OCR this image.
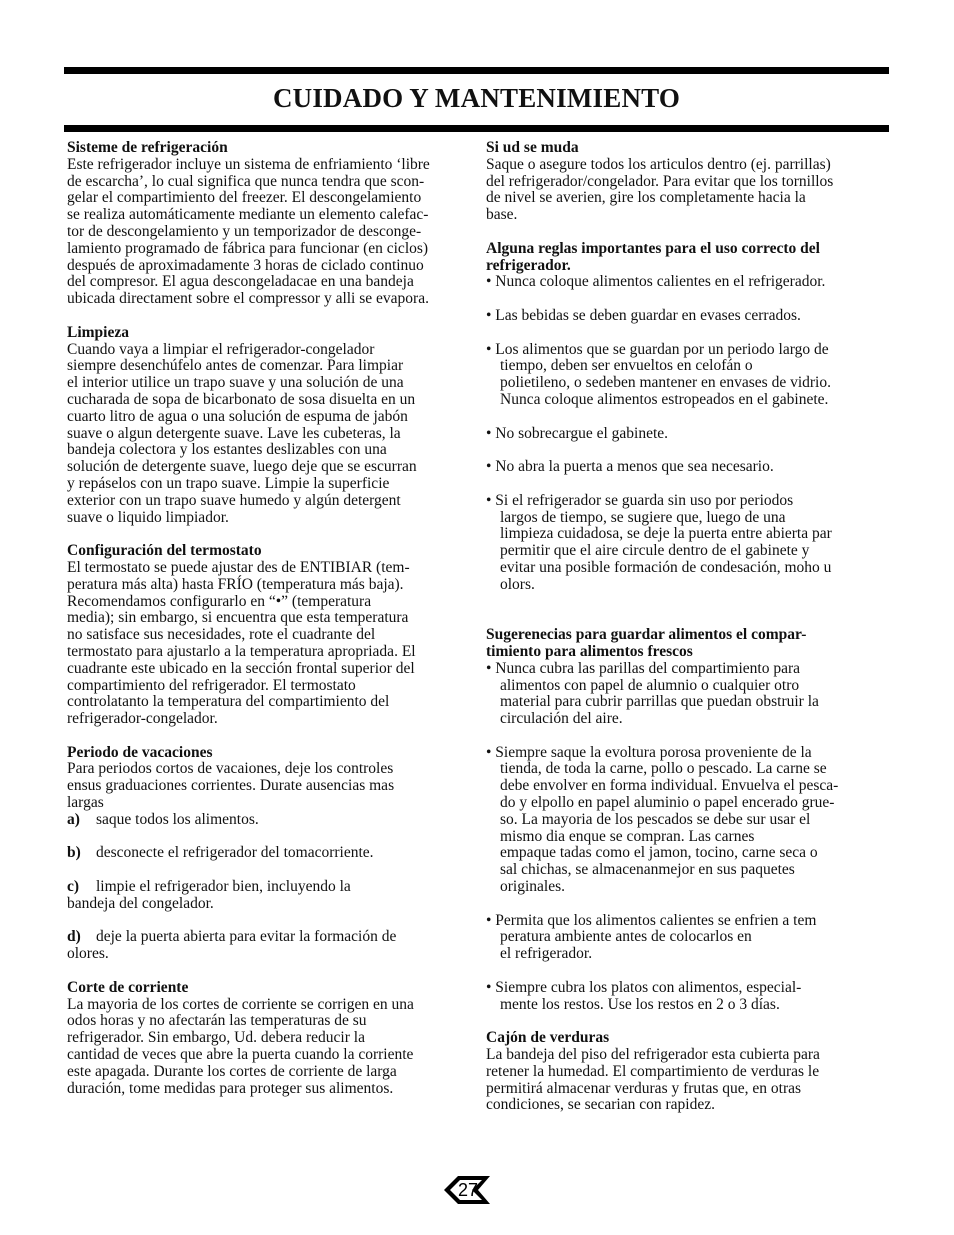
CUIDADO Y MANTENIMIENTO
Sisteme de refrigeración
Este refrigerador incluye un sistema de enfriamiento ‘libre
de escarcha’, lo cual significa que nunca tendra que scon-
gelar el compartimiento del freezer. El descongelamiento
se realiza automáticamente mediante un elemento calefac-
tor de descongelamiento y un temporizador de desconge-
lamiento programado de fábrica para funcionar (en ciclos)
después de aproximadamente 3 horas de ciclado continuo
del compresor. El agua descongeladacae en una bandeja
ubicada directament sobre el compressor y alli se evapora.
Limpieza
Cuando vaya a limpiar el refrigerador-congelador
siempre desenchúfelo antes de comenzar. Para limpiar
el interior utilice un trapo suave y una solución de una
cucharada de sopa de bicarbonato de sosa disuelta en un
cuarto litro de agua o una solución de espuma de jabón
suave o algun detergente suave. Lave les cubeteras, la
bandeja colectora y los estantes deslizables con una
solución de detergente suave, luego deje que se escurran
y repáselos con un trapo suave. Limpie la superficie
exterior con un trapo suave humedo y algún detergent
suave o liquido limpiador.
Configuración del termostato
El termostato se puede ajustar des de ENTIBIAR (tem-
peratura más alta) hasta FRÍO (temperatura más baja).
Recomendamos configurarlo en “•” (temperatura
media); sin embargo, si encuentra que esta temperatura
no satisface sus necesidades, rote el cuadrante del
termostato para ajustarlo a la temperatura apropriada. El
cuadrante este ubicado en la sección frontal superior del
compartimiento del refrigerador. El termostato
controlatanto la temperatura del compartimiento del
refrigerador-congelador.
Periodo de vacaciones
Para periodos cortos de vacaiones, deje los controles
ensus graduaciones corrientes. Durate ausencias mas
largas
a) saque todos los alimentos.
b) desconecte el refrigerador del tomacorriente.
c) limpie el refrigerador bien, incluyendo la
bandeja del congelador.
d) deje la puerta abierta para evitar la formación de
olores.
Corte de corriente
La mayoria de los cortes de corriente se corrigen en una
odos horas y no afectarán las temperaturas de su
refrigerador. Sin embargo, Ud. debera reducir la
cantidad de veces que abre la puerta cuando la corriente
este apagada. Durante los cortes de corriente de larga
duración, tome medidas para proteger sus alimentos.
Si ud se muda
Saque o asegure todos los articulos dentro (ej. parrillas)
del refrigerador/congelador. Para evitar que los tornillos
de nivel se averien, gire los completamente hacia la
base.
Alguna reglas importantes para el uso correcto del
refrigerador.
• Nunca coloque alimentos calientes en el refrigerador.
• Las bebidas se deben guardar en evases cerrados.
• Los alimentos que se guardan por un periodo largo de
tiempo, deben ser envueltos en celofán o
polietileno, o sedeben mantener en envases de vidrio.
Nunca coloque alimentos estropeados en el gabinete.
• No sobrecargue el gabinete.
• No abra la puerta a menos que sea necesario.
• Si el refrigerador se guarda sin uso por periodos
largos de tiempo, se sugiere que, luego de una
limpieza cuidadosa, se deje la puerta entre abierta par
permitir que el aire circule dentro de el gabinete y
evitar una posible formación de condesación, moho u
olors.
Sugerenecias para guardar alimentos el compar-
timiento para alimentos frescos
• Nunca cubra las parillas del compartimiento para
alimentos con papel de alumnio o cualquier otro
material para cubrir parrillas que puedan obstruir la
circulación del aire.
• Siempre saque la evoltura porosa proveniente de la
tienda, de toda la carne, pollo o pescado. La carne se
debe envolver en forma individual. Envuelva el pesca-
do y elpollo en papel aluminio o papel encerado grue-
so. La mayoria de los pescados se debe sur usar el
mismo dia enque se compran. Las carnes
empaque tadas como el jamon, tocino, carne seca o
sal chichas, se almacenanmejor en sus paquetes
originales.
• Permita que los alimentos calientes se enfrien a tem
peratura ambiente antes de colocarlos en
el refrigerador.
• Siempre cubra los platos con alimentos, especial-
mente los restos. Use los restos en 2 o 3 días.
Cajón de verduras
La bandeja del piso del refrigerador esta cubierta para
retener la humedad. El compartimiento de verduras le
permitirá almacenar verduras y frutas que, en otras
condiciones, se secarian con rapidez.
27
